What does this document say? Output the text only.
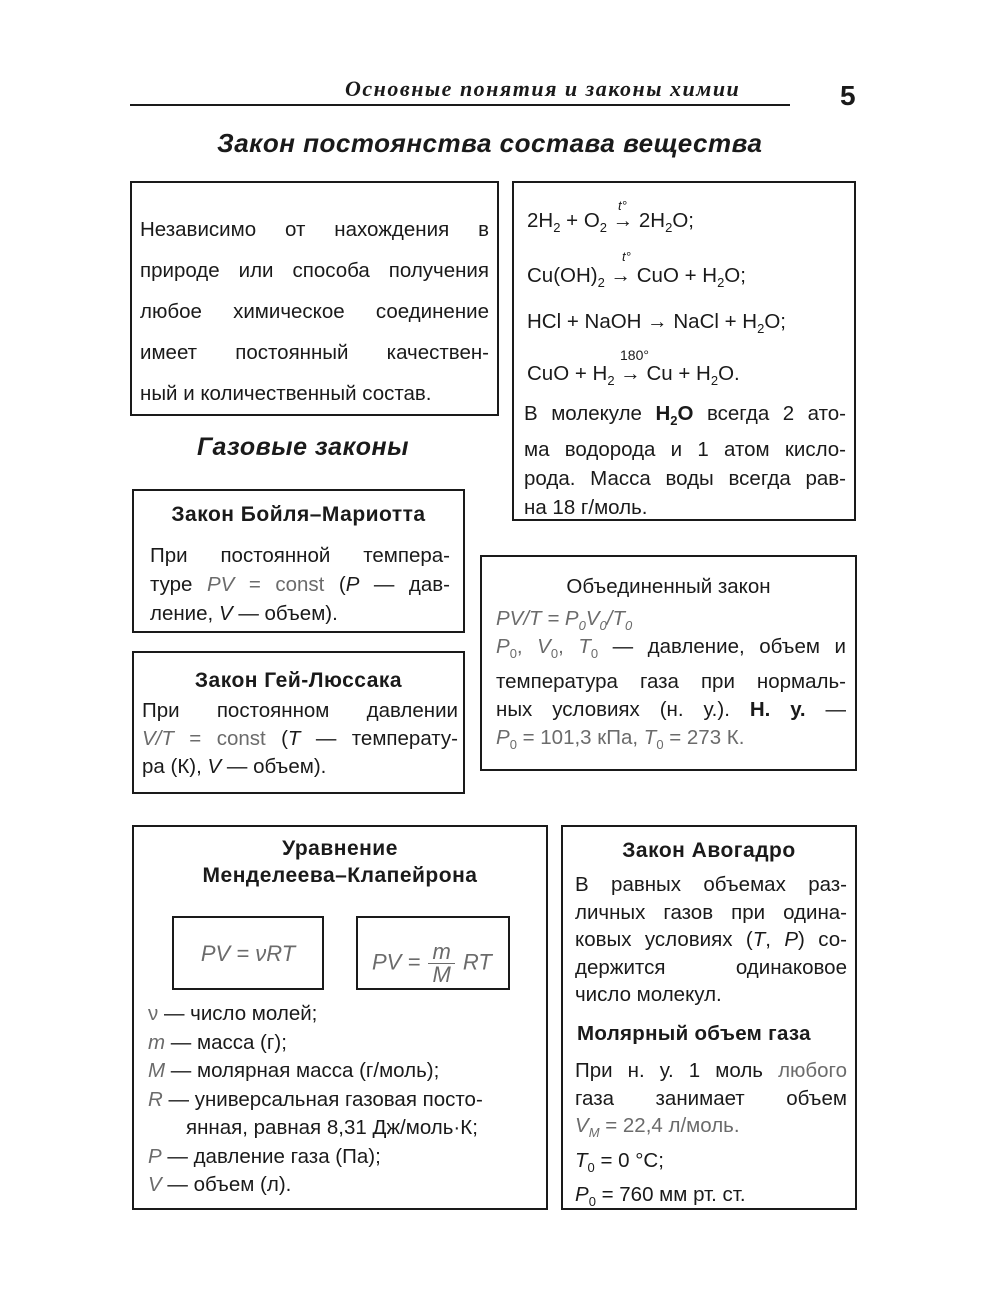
Основные понятия и законы химии	5
Закон постоянства состава вещества
Независимо от нахождения в
природе или способа получения
любое химическое соединение
имеет постоянный качествен-
ный и количественный состав.
t°
$2H_2 + O_2 \to 2H_2O$;
t°
$Cu(OH)_2$ → CuO + $H_2O$;
HCl + NaOH → NaCl + $H_2O$;
180°
CuO + $H_2 \to Cu + H_2O$.
В молекуле $H_2O$ всегда 2 ато-
ма водорода и 1 атом кисло-
рода. Масса воды всегда рав-
на 18 г/моль.
Газовые законы
Закон Бойля–Мариотта
При постоянной темпера-
туре PV = const (P — дав-
ление, V — объем).
Закон Гей-Люссака
При постоянном давлении
V/T = const (T — температу-
ра (К), V — объем).
Объединенный закон
$PV/T = P_0V_0/T_0$
$P_0$, $V_0$, $T_0$ — давление, объем и
температура газа при нормаль-
ных условиях (н. у.). Н. у. —
$P_0 = 101,3$ кПа, $T_0 = 273$ К.
Уравнение
Менделеева–Клапейрона
PV = νRT	PV = $\frac{m}{M}$ RT
ν — число молей;
m — масса (г);
M — молярная масса (г/моль);
R — универсальная газовая посто-
янная, равная 8,31 Дж/моль·К;
P — давление газа (Па);
V — объем (л).
Закон Авогадро
В равных объемах раз-
личных газов при одина-
ковых условиях (T, P) со-
держится одинаковое
число молекул.
Молярный объем газа
При н. у. 1 моль любого
газа занимает объем
$V_M = 22,4$ л/моль.
$T_0 = 0$ °C;
$P_0 = 760$ мм рт. ст.
